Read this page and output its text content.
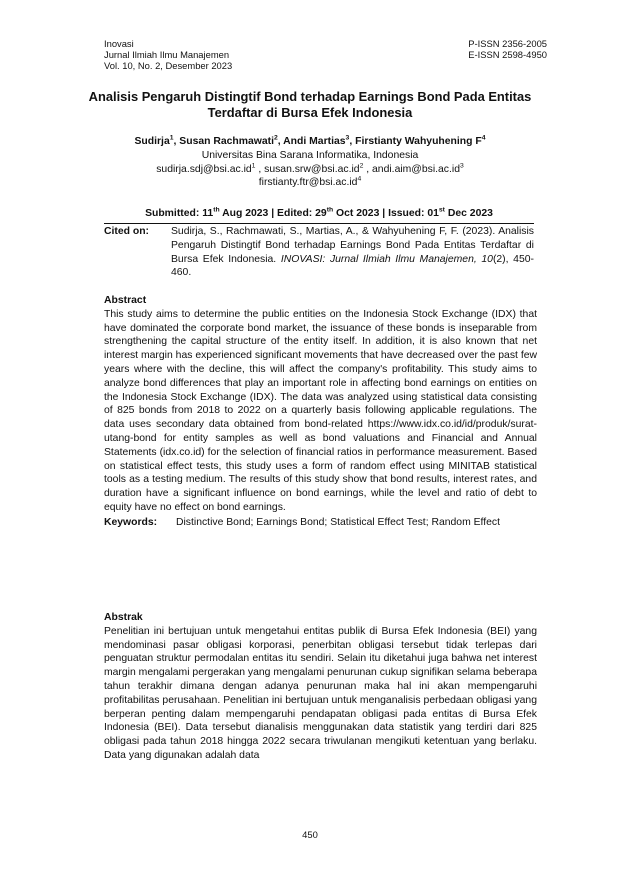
Inovasi
Jurnal Ilmiah Ilmu Manajemen
Vol. 10, No. 2, Desember 2023
P-ISSN 2356-2005
E-ISSN 2598-4950
Analisis Pengaruh Distingtif Bond terhadap Earnings Bond Pada Entitas Terdaftar di Bursa Efek Indonesia
Sudirja$^1$, Susan Rachmawati$^2$, Andi Martias$^3$, Firstianty Wahyuhening $F^4$
Universitas Bina Sarana Informatika, Indonesia
$sudirja.sdj@bsi.ac.id^1$ , $susan.srw@bsi.ac.id^2$ , $andi.aim@bsi.ac.id^3$
$firstianty.ftr@bsi.ac.id^4$
Submitted: 11th Aug 2023 | Edited: 29th Oct 2023 | Issued: 01st Dec 2023
Cited on:	Sudirja, S., Rachmawati, S., Martias, A., & Wahyuhening F, F. (2023). Analisis Pengaruh Distingtif Bond terhadap Earnings Bond Pada Entitas Terdaftar di Bursa Efek Indonesia. INOVASI: Jurnal Ilmiah Ilmu Manajemen, 10(2), 450-460.
Abstract

This study aims to determine the public entities on the Indonesia Stock Exchange (IDX) that have dominated the corporate bond market, the issuance of these bonds is inseparable from strengthening the capital structure of the entity itself. In addition, it is also known that net interest margin has experienced significant movements that have decreased over the past few years where with the decline, this will affect the company's profitability. This study aims to analyze bond differences that play an important role in affecting bond earnings on entities on the Indonesia Stock Exchange (IDX). The data was analyzed using statistical data consisting of 825 bonds from 2018 to 2022 on a quarterly basis following applicable regulations. The data uses secondary data obtained from bond-related https://www.idx.co.id/id/produk/surat-utang-bond for entity samples as well as bond valuations and Financial and Annual Statements (idx.co.id) for the selection of financial ratios in performance measurement. Based on statistical effect tests, this study uses a form of random effect using MINITAB statistical tools as a testing medium. The results of this study show that bond results, interest rates, and duration have a significant influence on bond earnings, while the level and ratio of debt to equity have no effect on bond earnings.

Keywords:	Distinctive Bond; Earnings Bond; Statistical Effect Test; Random Effect
Abstrak

Penelitian ini bertujuan untuk mengetahui entitas publik di Bursa Efek Indonesia (BEI) yang mendominasi pasar obligasi korporasi, penerbitan obligasi tersebut tidak terlepas dari penguatan struktur permodalan entitas itu sendiri. Selain itu diketahui juga bahwa net interest margin mengalami pergerakan yang mengalami penurunan cukup signifikan selama beberapa tahun terakhir dimana dengan adanya penurunan maka hal ini akan mempengaruhi profitabilitas perusahaan. Penelitian ini bertujuan untuk menganalisis perbedaan obligasi yang berperan penting dalam mempengaruhi pendapatan obligasi pada entitas di Bursa Efek Indonesia (BEI). Data tersebut dianalisis menggunakan data statistik yang terdiri dari 825 obligasi pada tahun 2018 hingga 2022 secara triwulanan mengikuti ketentuan yang berlaku. Data yang digunakan adalah data

450
